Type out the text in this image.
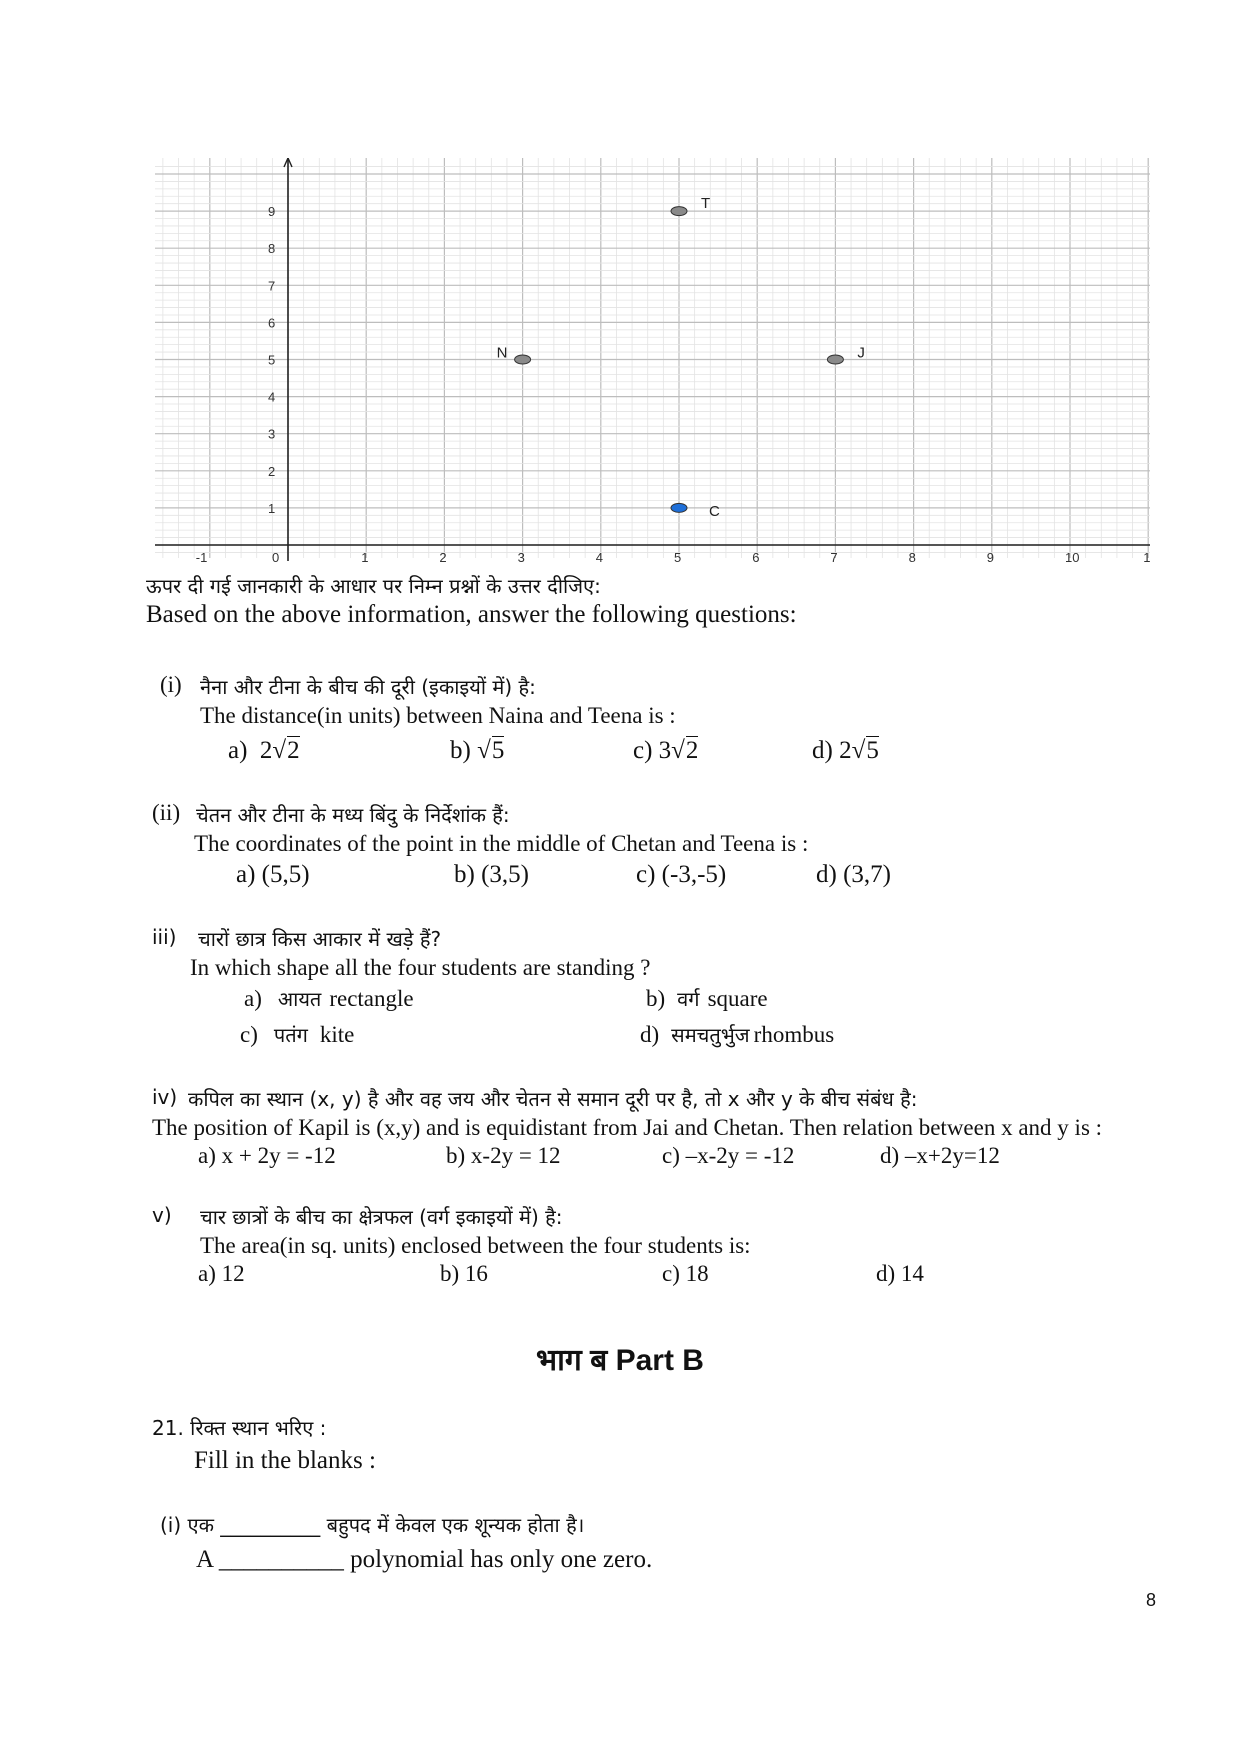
-1	0	1	2	3	4	5	6	7	8	9	10	1
1
2
3
4
5
6
7
8
9	T
N	J
C
ऊपर दी गई जानकारी के आधार पर निम्न प्रश्नों के उत्तर दीजिए:
Based on the above information, answer the following questions:
(i) नैना और टीना के बीच की दूरी (इकाइयों में) है:
The distance(in units) between Naina and Teena is :
a) 2√2	b) √5	c) 3√2	d) 2√5
(ii) चेतन और टीना के मध्य बिंदु के निर्देशांक हैं:
The coordinates of the point in the middle of Chetan and Teena is :
a) (5,5)	b) (3,5)	c) (-3,-5)	d) (3,7)
iii) चारों छात्र किस आकार में खड़े हैं?
In which shape all the four students are standing ?
a) आयत rectangle	b) वर्ग square
c) पतंग kite	d) समचतुर्भुज rhombus
iv) कपिल का स्थान (x, y) है और वह जय और चेतन से समान दूरी पर है, तो x और y के बीच संबंध है:
The position of Kapil is (x,y) and is equidistant from Jai and Chetan. Then relation between x and y is :
a) x + 2y = -12	b) x-2y = 12	c) –x-2y = -12	d) –x+2y=12
v) चार छात्रों के बीच का क्षेत्रफल (वर्ग इकाइयों में) है:
The area(in sq. units) enclosed between the four students is:
a) 12	b) 16	c) 18	d) 14
भाग ब Part B
21. रिक्त स्थान भरिए :
Fill in the blanks :
(i) एक __________ बहुपद में केवल एक शून्यक होता है।
A __________ polynomial has only one zero.
8
